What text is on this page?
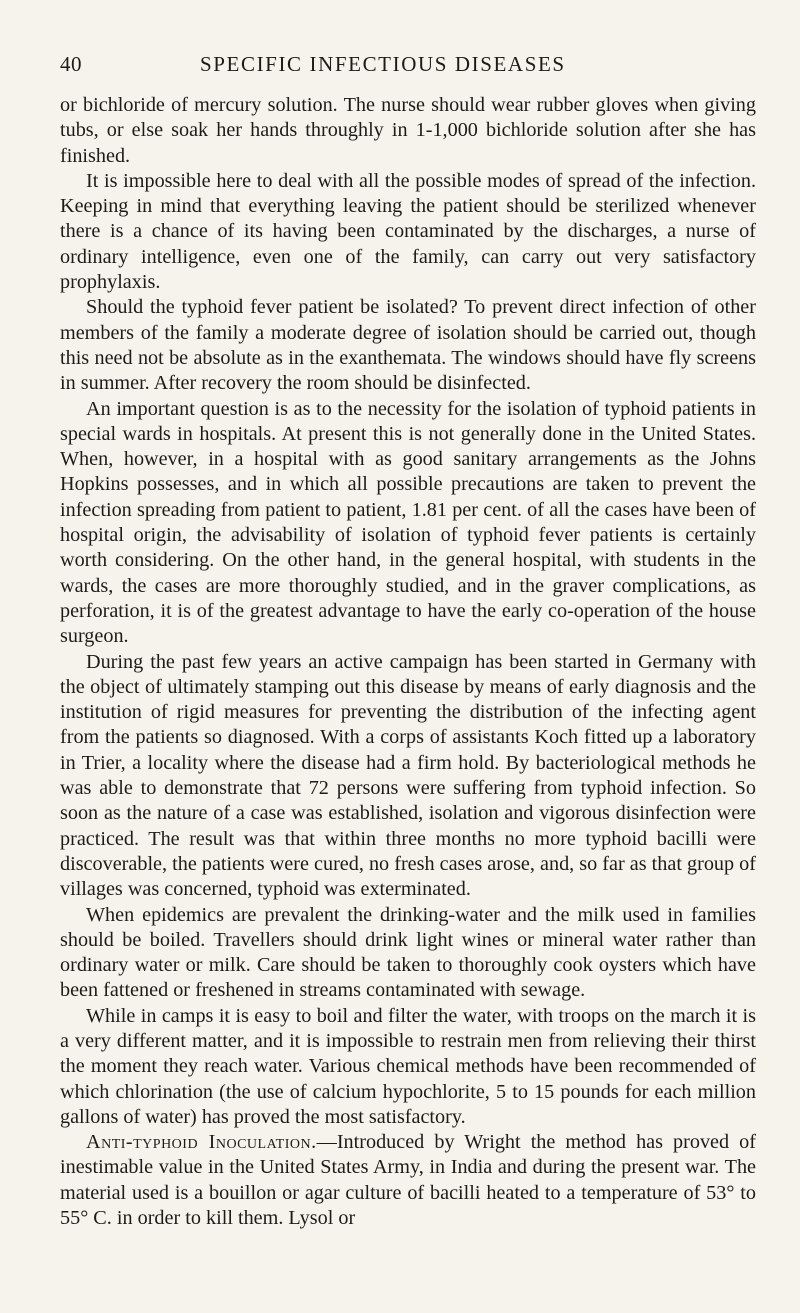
40	SPECIFIC INFECTIOUS DISEASES

or bichloride of mercury solution. The nurse should wear rubber gloves when giving tubs, or else soak her hands throughly in 1-1,000 bichloride solution after she has finished.

It is impossible here to deal with all the possible modes of spread of the infection. Keeping in mind that everything leaving the patient should be sterilized whenever there is a chance of its having been contaminated by the discharges, a nurse of ordinary intelligence, even one of the family, can carry out very satisfactory prophylaxis.

Should the typhoid fever patient be isolated? To prevent direct infection of other members of the family a moderate degree of isolation should be carried out, though this need not be absolute as in the exanthemata. The windows should have fly screens in summer. After recovery the room should be disinfected.

An important question is as to the necessity for the isolation of typhoid patients in special wards in hospitals. At present this is not generally done in the United States. When, however, in a hospital with as good sanitary arrangements as the Johns Hopkins possesses, and in which all possible precautions are taken to prevent the infection spreading from patient to patient, 1.81 per cent. of all the cases have been of hospital origin, the advisability of isolation of typhoid fever patients is certainly worth considering. On the other hand, in the general hospital, with students in the wards, the cases are more thoroughly studied, and in the graver complications, as perforation, it is of the greatest advantage to have the early co-operation of the house surgeon.

During the past few years an active campaign has been started in Germany with the object of ultimately stamping out this disease by means of early diagnosis and the institution of rigid measures for preventing the distribution of the infecting agent from the patients so diagnosed. With a corps of assistants Koch fitted up a laboratory in Trier, a locality where the disease had a firm hold. By bacteriological methods he was able to demonstrate that 72 persons were suffering from typhoid infection. So soon as the nature of a case was established, isolation and vigorous disinfection were practiced. The result was that within three months no more typhoid bacilli were discoverable, the patients were cured, no fresh cases arose, and, so far as that group of villages was concerned, typhoid was exterminated.

When epidemics are prevalent the drinking-water and the milk used in families should be boiled. Travellers should drink light wines or mineral water rather than ordinary water or milk. Care should be taken to thoroughly cook oysters which have been fattened or freshened in streams contaminated with sewage.

While in camps it is easy to boil and filter the water, with troops on the march it is a very different matter, and it is impossible to restrain men from relieving their thirst the moment they reach water. Various chemical methods have been recommended of which chlorination (the use of calcium hypochlorite, 5 to 15 pounds for each million gallons of water) has proved the most satisfactory.

Anti-typhoid Inoculation.—Introduced by Wright the method has proved of inestimable value in the United States Army, in India and during the present war. The material used is a bouillon or agar culture of bacilli heated to a temperature of 53° to 55° C. in order to kill them. Lysol or
